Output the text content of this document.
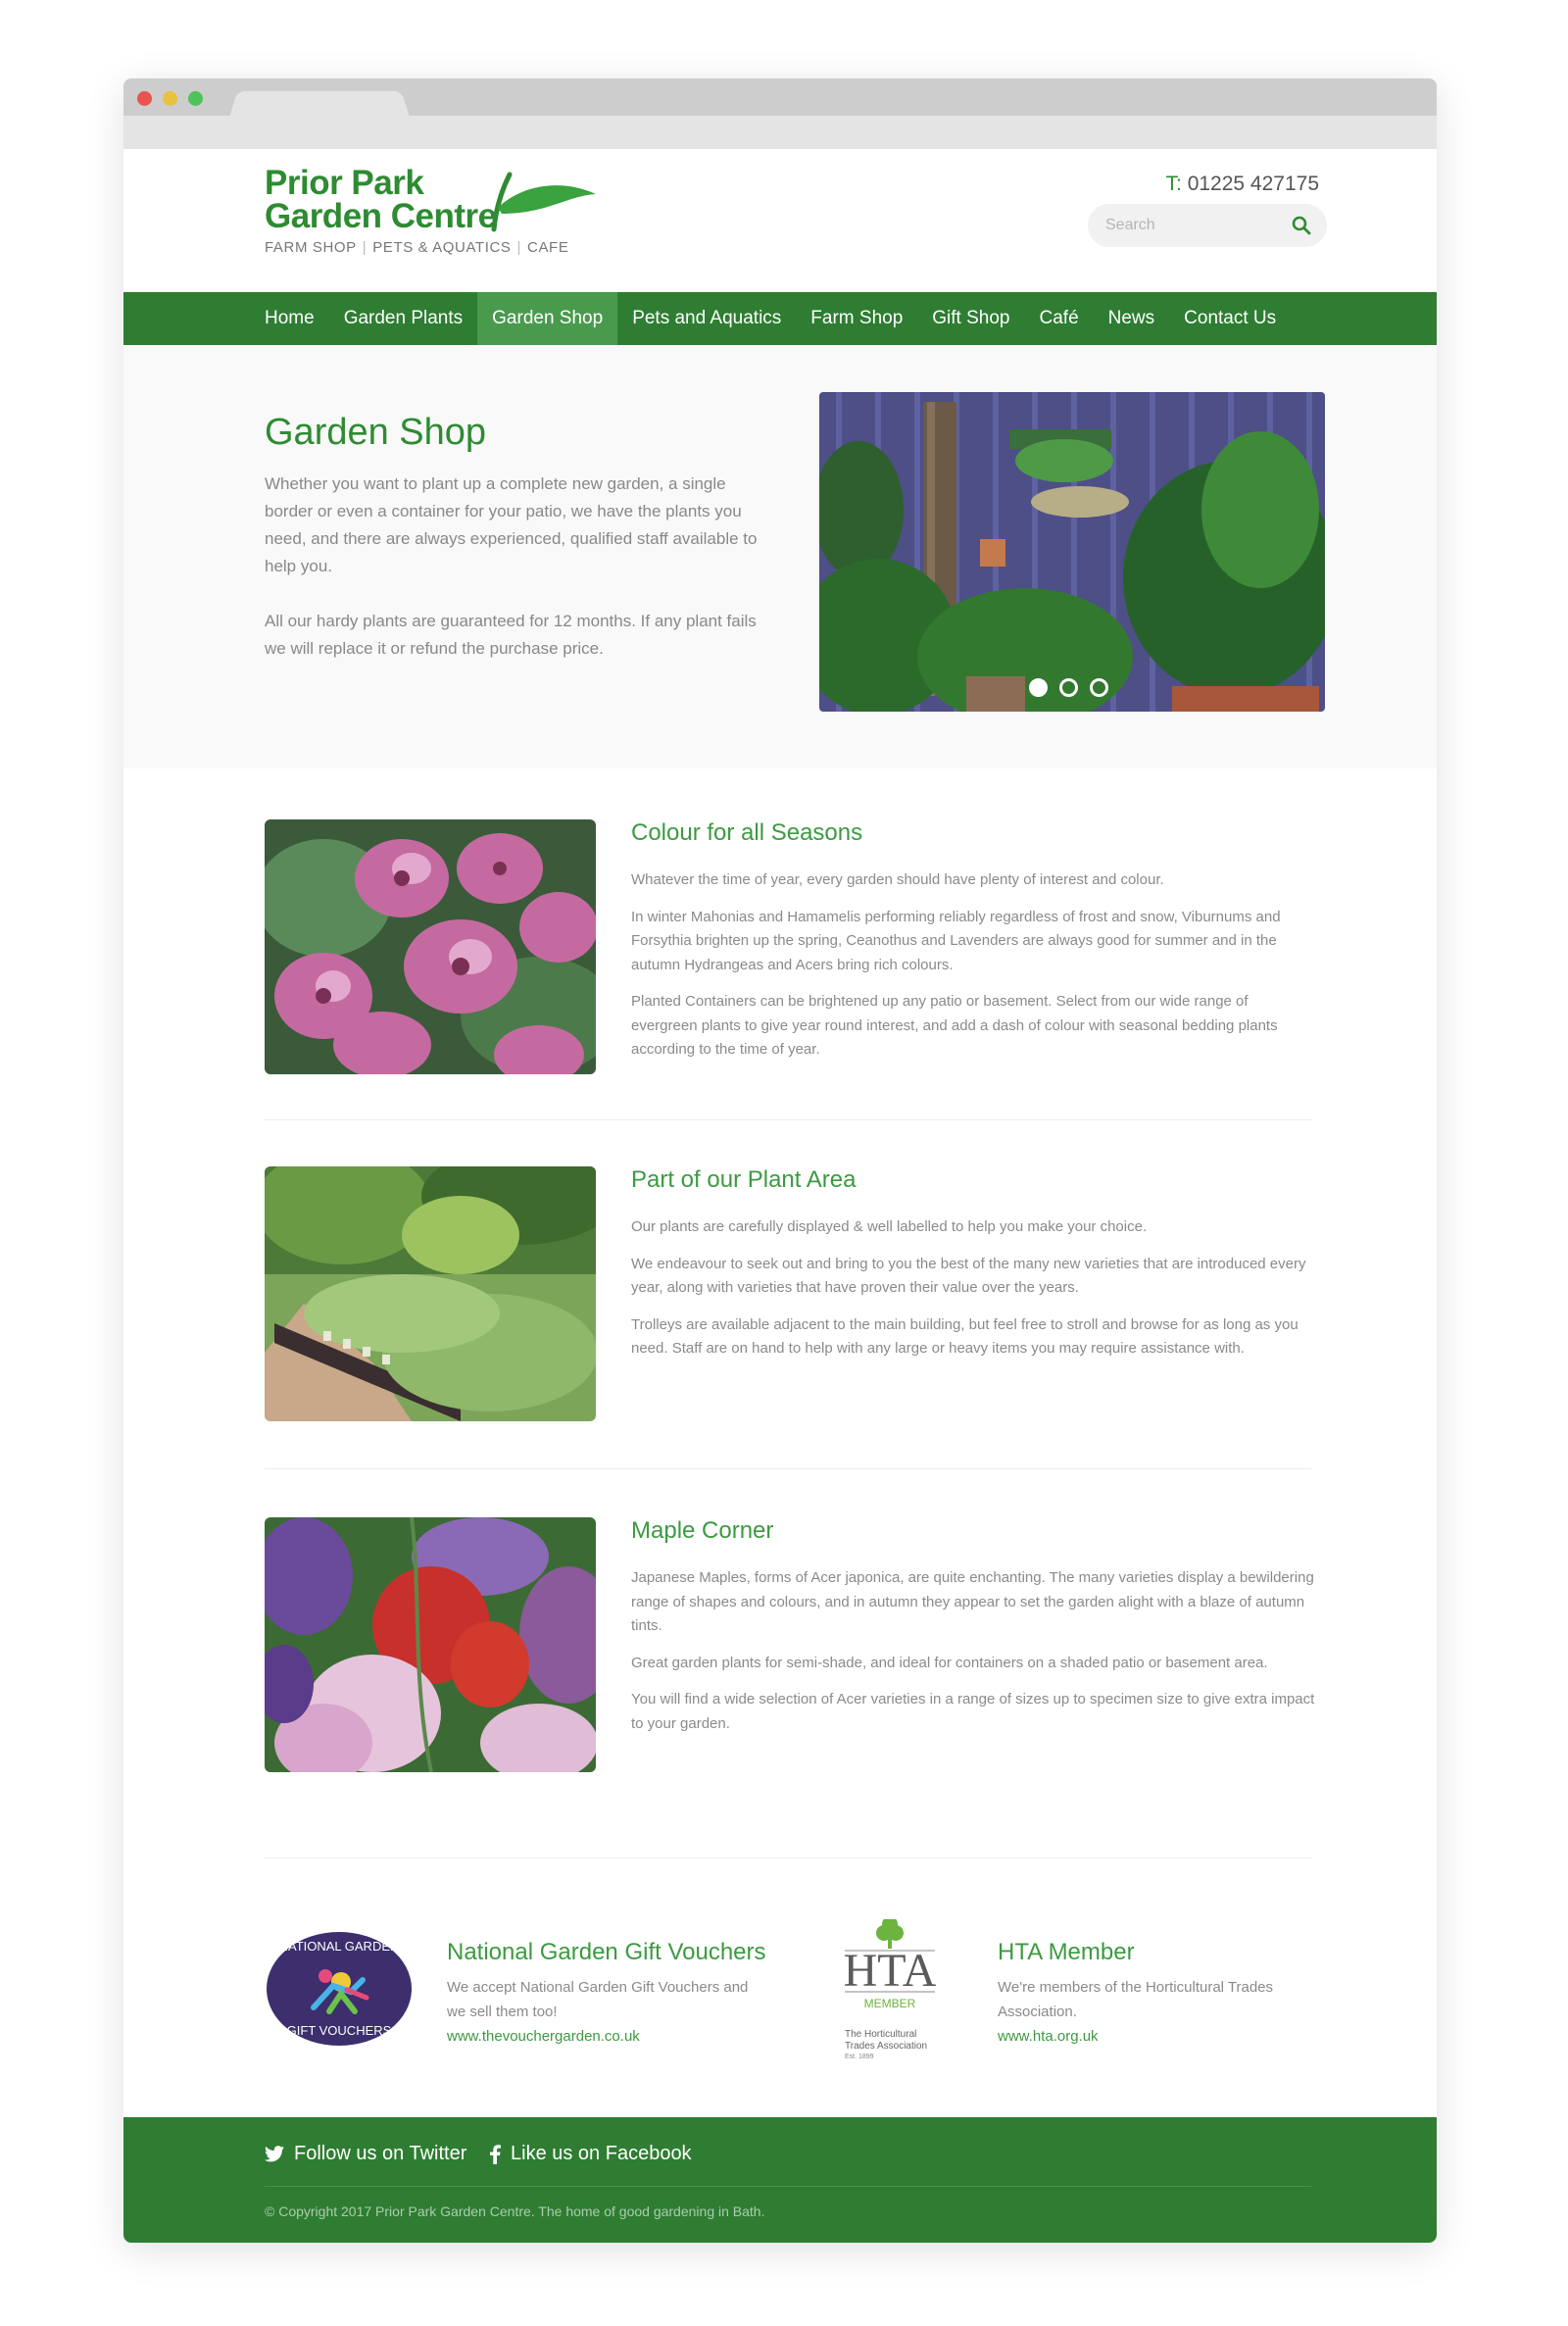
Prior Park
Garden Centre
FARM SHOP | PETS & AQUATICS | CAFE
T: 01225 427175
Search
Home	Garden Plants	Garden Shop	Pets and Aquatics	Farm Shop	Gift Shop	Café	News	Contact Us
Garden Shop

Whether you want to plant up a complete new garden, a single border or even a container for your patio, we have the plants you need, and there are always experienced, qualified staff available to help you.

All our hardy plants are guaranteed for 12 months. If any plant fails we will replace it or refund the purchase price.

Colour for all Seasons

Whatever the time of year, every garden should have plenty of interest and colour.

In winter Mahonias and Hamamelis performing reliably regardless of frost and snow, Viburnums and Forsythia brighten up the spring, Ceanothus and Lavenders are always good for summer and in the autumn Hydrangeas and Acers bring rich colours.

Planted Containers can be brightened up any patio or basement. Select from our wide range of evergreen plants to give year round interest, and add a dash of colour with seasonal bedding plants according to the time of year.

Part of our Plant Area

Our plants are carefully displayed & well labelled to help you make your choice.

We endeavour to seek out and bring to you the best of the many new varieties that are introduced every year, along with varieties that have proven their value over the years.

Trolleys are available adjacent to the main building, but feel free to stroll and browse for as long as you need. Staff are on hand to help with any large or heavy items you may require assistance with.

Maple Corner

Japanese Maples, forms of Acer japonica, are quite enchanting. The many varieties display a bewildering range of shapes and colours, and in autumn they appear to set the garden alight with a blaze of autumn tints.

Great garden plants for semi-shade, and ideal for containers on a shaded patio or basement area.

You will find a wide selection of Acer varieties in a range of sizes up to specimen size to give extra impact to your garden.

NATIONAL GARDEN
GIFT VOUCHERS
National Garden Gift Vouchers

We accept National Garden Gift Vouchers and we sell them too!

www.thevouchergarden.co.uk
HTA
MEMBER
The Horticultural
Trades Association
Est. 1899
HTA Member

We're members of the Horticultural Trades Association.

www.hta.org.uk
Follow us on Twitter Like us on Facebook
© Copyright 2017 Prior Park Garden Centre. The home of good gardening in Bath.
